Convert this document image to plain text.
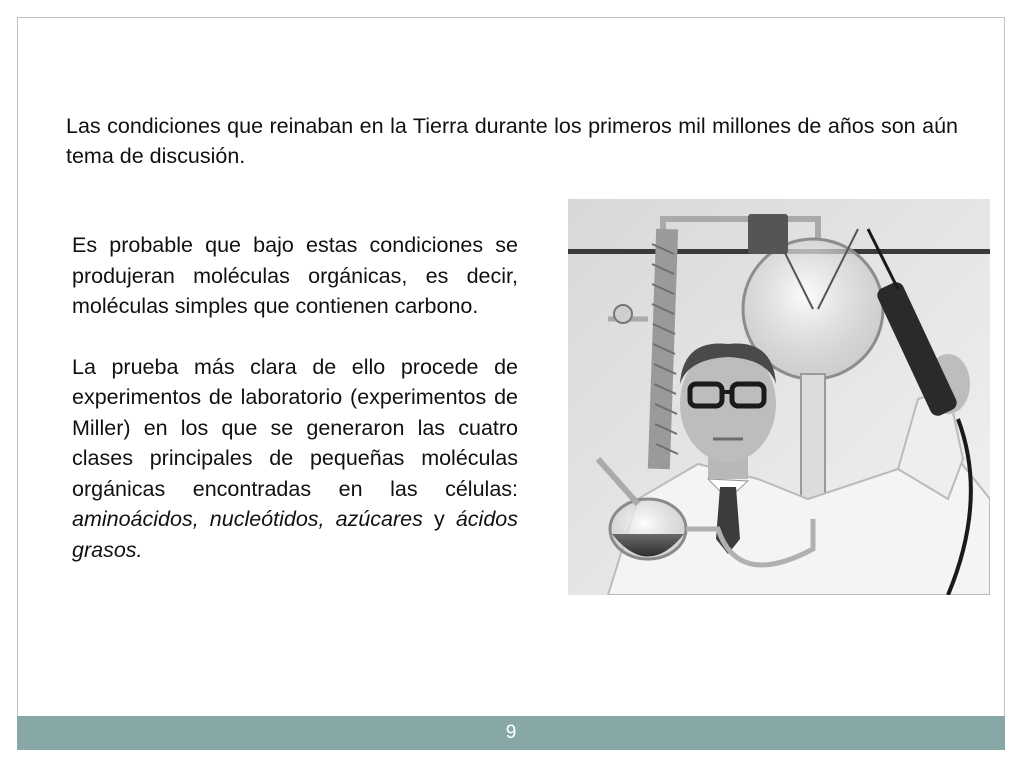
Las condiciones que reinaban en la Tierra durante los primeros mil millones de años son aún tema de discusión.

Es probable que bajo estas condiciones se produjeran moléculas orgánicas, es decir, moléculas simples que contienen carbono.

La prueba más clara de ello procede de experimentos de laboratorio (experimentos de Miller) en los que se generaron las cuatro clases principales de pequeñas moléculas orgánicas encontradas en las células: aminoácidos, nucleótidos, azúcares y ácidos grasos.

9
